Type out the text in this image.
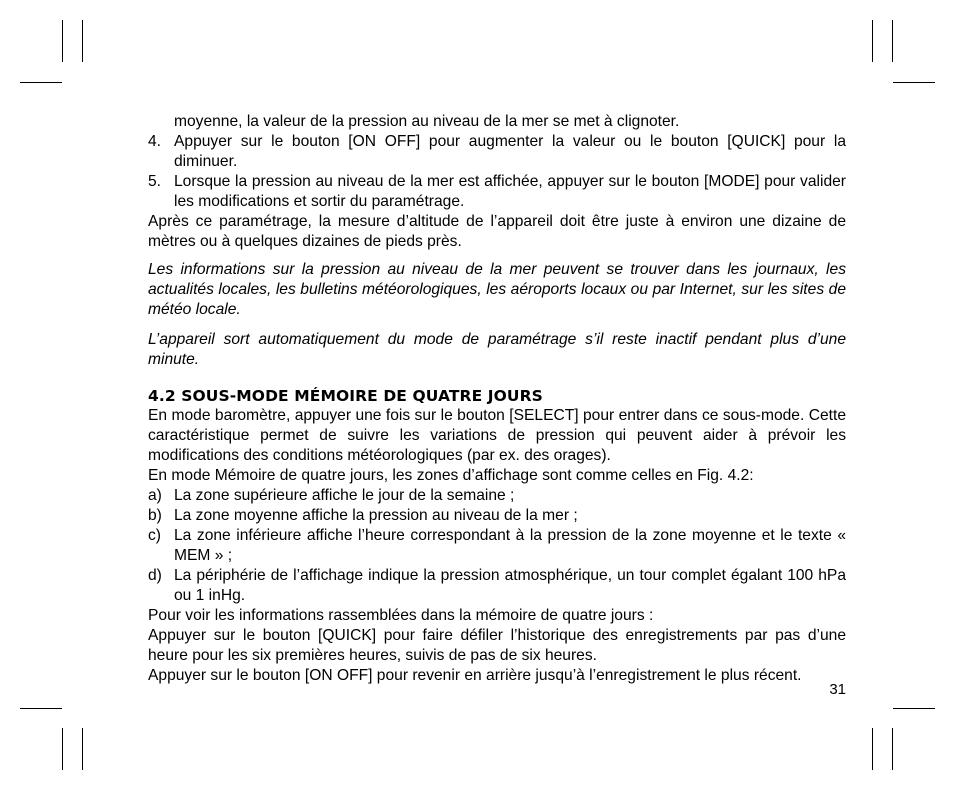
moyenne, la valeur de la pression au niveau de la mer se met à clignoter.

4. Appuyer sur le bouton [ON OFF] pour augmenter la valeur ou le bouton [QUICK] pour la diminuer.
5. Lorsque la pression au niveau de la mer est affichée, appuyer sur le bouton [MODE] pour valider les modifications et sortir du paramétrage.

Après ce paramétrage, la mesure d’altitude de l’appareil doit être juste à environ une dizaine de mètres ou à quelques dizaines de pieds près.

Les informations sur la pression au niveau de la mer peuvent se trouver dans les journaux, les actualités locales, les bulletins météorologiques, les aéroports locaux ou par Internet, sur les sites de météo locale.

L’appareil sort automatiquement du mode de paramétrage s’il reste inactif pendant plus d’une minute.

4.2 SOUS-MODE MÉMOIRE DE QUATRE JOURS

En mode baromètre, appuyer une fois sur le bouton [SELECT] pour entrer dans ce sous-mode. Cette caractéristique permet de suivre les variations de pression qui peuvent aider à prévoir les modifications des conditions météorologiques (par ex. des orages).

En mode Mémoire de quatre jours, les zones d’affichage sont comme celles en Fig. 4.2:

a) La zone supérieure affiche le jour de la semaine ;
b) La zone moyenne affiche la pression au niveau de la mer ;
c) La zone inférieure affiche l’heure correspondant à la pression de la zone moyenne et le texte « MEM » ;
d) La périphérie de l’affichage indique la pression atmosphérique, un tour complet égalant 100 hPa ou 1 inHg.

Pour voir les informations rassemblées dans la mémoire de quatre jours :

Appuyer sur le bouton [QUICK] pour faire défiler l’historique des enregistrements par pas d’une heure pour les six premières heures, suivis de pas de six heures.

Appuyer sur le bouton [ON OFF] pour revenir en arrière jusqu’à l’enregistrement le plus récent.

31
